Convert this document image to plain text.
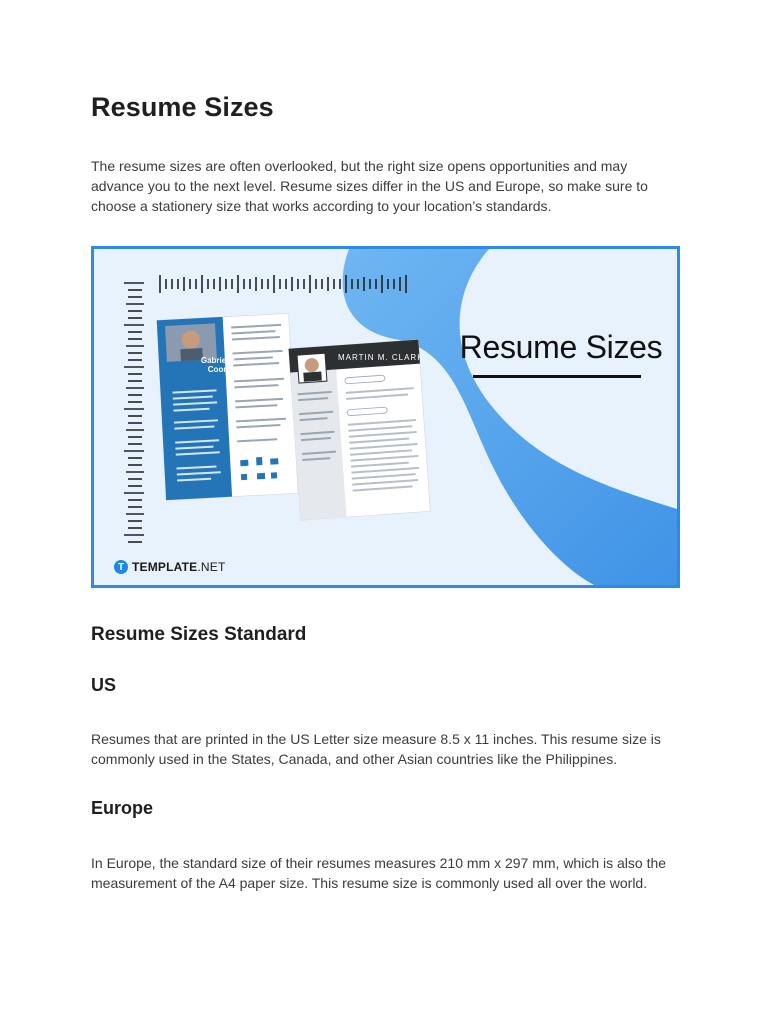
Resume Sizes

The resume sizes are often overlooked, but the right size opens opportunities and may advance you to the next level. Resume sizes differ in the US and Europe, so make sure to choose a stationery size that works according to your location’s standards.

Gabrielle Coon
MARTIN M. CLARK Resume Sizes
T TEMPLATE.NET
Resume Sizes Standard
US

Resumes that are printed in the US Letter size measure 8.5 x 11 inches. This resume size is commonly used in the States, Canada, and other Asian countries like the Philippines.

Europe

In Europe, the standard size of their resumes measures 210 mm x 297 mm, which is also the measurement of the A4 paper size. This resume size is commonly used all over the world.
